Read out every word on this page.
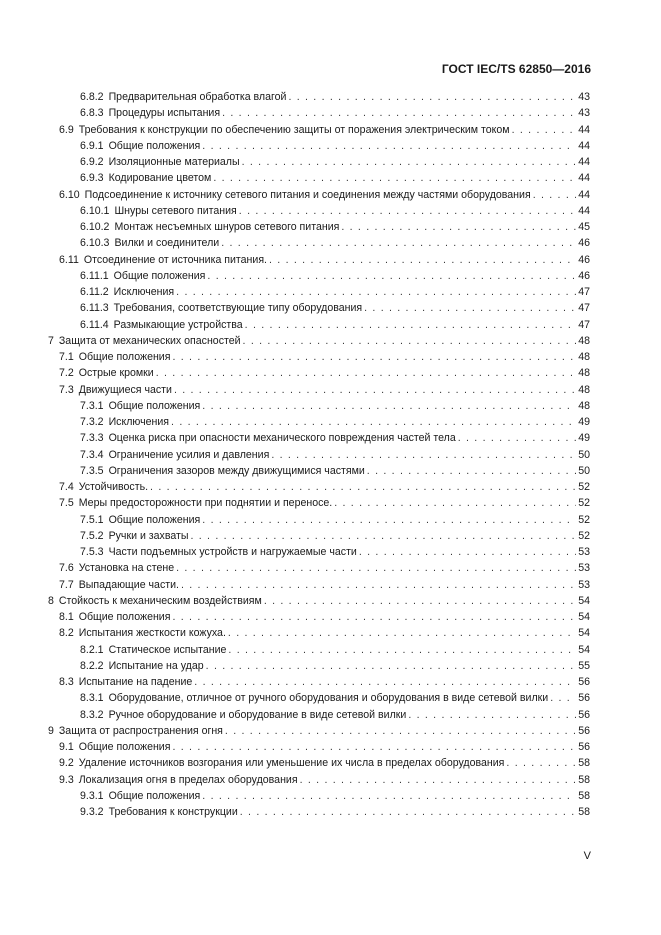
ГОСТ IEC/TS 62850—2016
6.8.2 Предварительная обработка влагой . . .	43
6.8.3 Процедуры испытания . . .	43
6.9 Требования к конструкции по обеспечению защиты от поражения электрическим током . . .	44
6.9.1 Общие положения . . .	44
6.9.2 Изоляционные материалы . . .	44
6.9.3 Кодирование цветом . . .	44
6.10 Подсоединение к источнику сетевого питания и соединения между частями оборудования . . .	44
6.10.1 Шнуры сетевого питания . . .	44
6.10.2 Монтаж несъемных шнуров сетевого питания . . .	45
6.10.3 Вилки и соединители . . .	46
6.11 Отсоединение от источника питания. . . .	46
6.11.1 Общие положения . . .	46
6.11.2 Исключения . . .	47
6.11.3 Требования, соответствующие типу оборудования . . .	47
6.11.4 Размыкающие устройства . . .	47
7 Защита от механических опасностей . . .	48
7.1 Общие положения . . .	48
7.2 Острые кромки . . .	48
7.3 Движущиеся части . . .	48
7.3.1 Общие положения . . .	48
7.3.2 Исключения . . .	49
7.3.3 Оценка риска при опасности механического повреждения частей тела . . .	49
7.3.4 Ограничение усилия и давления . . .	50
7.3.5 Ограничения зазоров между движущимися частями . . .	50
7.4 Устойчивость. . . .	52
7.5 Меры предосторожности при поднятии и переносе. . . .	52
7.5.1 Общие положения . . .	52
7.5.2 Ручки и захваты . . .	52
7.5.3 Части подъемных устройств и нагружаемые части . . .	53
7.6 Установка на стене . . .	53
7.7 Выпадающие части. . . .	53
8 Стойкость к механическим воздействиям . . .	54
8.1 Общие положения . . .	54
8.2 Испытания жесткости кожуха. . . .	54
8.2.1 Статическое испытание . . .	54
8.2.2 Испытание на удар . . .	55
8.3 Испытание на падение . . .	56
8.3.1 Оборудование, отличное от ручного оборудования и оборудования в виде сетевой вилки . . .	56
8.3.2 Ручное оборудование и оборудование в виде сетевой вилки . . .	56
9 Защита от распространения огня . . .	56
9.1 Общие положения . . .	56
9.2 Удаление источников возгорания или уменьшение их числа в пределах оборудования . . .	58
9.3 Локализация огня в пределах оборудования . . .	58
9.3.1 Общие положения . . .	58
9.3.2 Требования к конструкции . . .	58
V
